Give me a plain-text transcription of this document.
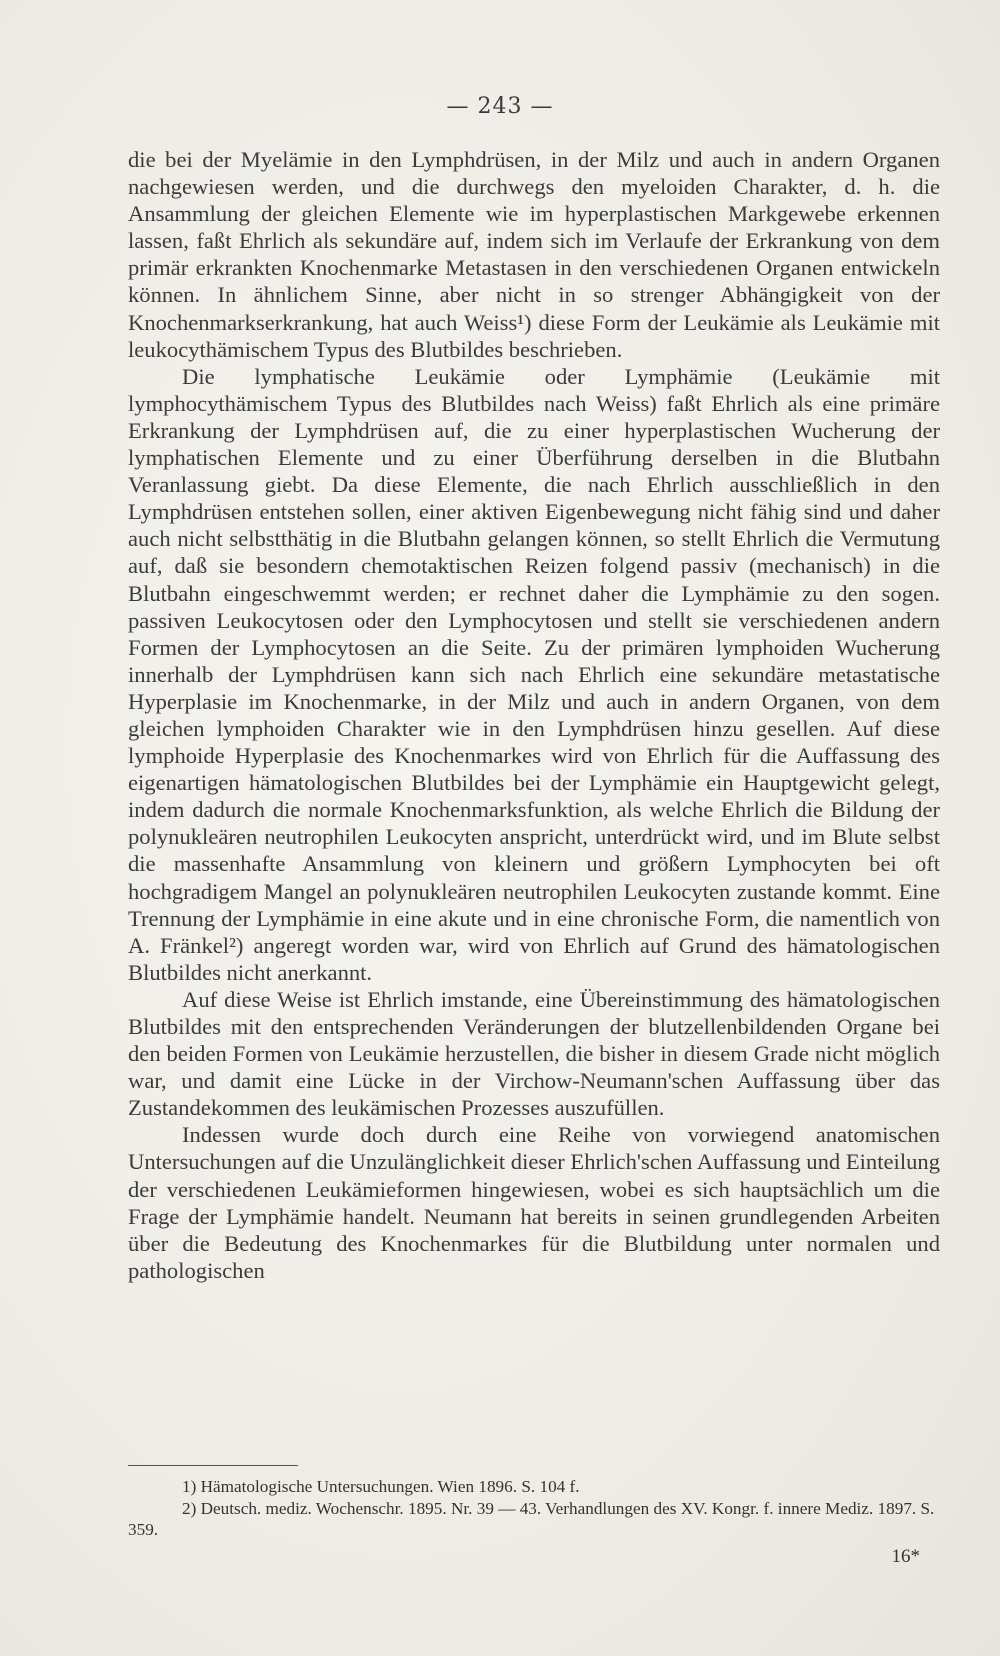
— 243 —

die bei der Myelämie in den Lymphdrüsen, in der Milz und auch in andern Organen nachgewiesen werden, und die durchwegs den myeloiden Charakter, d. h. die Ansammlung der gleichen Elemente wie im hyperplastischen Markgewebe erkennen lassen, faßt Ehrlich als sekundäre auf, indem sich im Verlaufe der Erkrankung von dem primär erkrankten Knochenmarke Metastasen in den verschiedenen Organen entwickeln können. In ähnlichem Sinne, aber nicht in so strenger Abhängigkeit von der Knochenmarkserkrankung, hat auch Weiss¹) diese Form der Leukämie als Leukämie mit leukocythämischem Typus des Blutbildes beschrieben.

Die lymphatische Leukämie oder Lymphämie (Leukämie mit lymphocythämischem Typus des Blutbildes nach Weiss) faßt Ehrlich als eine primäre Erkrankung der Lymphdrüsen auf, die zu einer hyperplastischen Wucherung der lymphatischen Elemente und zu einer Überführung derselben in die Blutbahn Veranlassung giebt. Da diese Elemente, die nach Ehrlich ausschließlich in den Lymphdrüsen entstehen sollen, einer aktiven Eigenbewegung nicht fähig sind und daher auch nicht selbstthätig in die Blutbahn gelangen können, so stellt Ehrlich die Vermutung auf, daß sie besondern chemotaktischen Reizen folgend passiv (mechanisch) in die Blutbahn eingeschwemmt werden; er rechnet daher die Lymphämie zu den sogen. passiven Leukocytosen oder den Lymphocytosen und stellt sie verschiedenen andern Formen der Lymphocytosen an die Seite. Zu der primären lymphoiden Wucherung innerhalb der Lymphdrüsen kann sich nach Ehrlich eine sekundäre metastatische Hyperplasie im Knochenmarke, in der Milz und auch in andern Organen, von dem gleichen lymphoiden Charakter wie in den Lymphdrüsen hinzu gesellen. Auf diese lymphoide Hyperplasie des Knochenmarkes wird von Ehrlich für die Auffassung des eigenartigen hämatologischen Blutbildes bei der Lymphämie ein Hauptgewicht gelegt, indem dadurch die normale Knochenmarksfunktion, als welche Ehrlich die Bildung der polynukleären neutrophilen Leukocyten anspricht, unterdrückt wird, und im Blute selbst die massenhafte Ansammlung von kleinern und größern Lymphocyten bei oft hochgradigem Mangel an polynukleären neutrophilen Leukocyten zustande kommt. Eine Trennung der Lymphämie in eine akute und in eine chronische Form, die namentlich von A. Fränkel²) angeregt worden war, wird von Ehrlich auf Grund des hämatologischen Blutbildes nicht anerkannt.

Auf diese Weise ist Ehrlich imstande, eine Übereinstimmung des hämatologischen Blutbildes mit den entsprechenden Veränderungen der blutzellenbildenden Organe bei den beiden Formen von Leukämie herzustellen, die bisher in diesem Grade nicht möglich war, und damit eine Lücke in der Virchow-Neumann'schen Auffassung über das Zustandekommen des leukämischen Prozesses auszufüllen.

Indessen wurde doch durch eine Reihe von vorwiegend anatomischen Untersuchungen auf die Unzulänglichkeit dieser Ehrlich'schen Auffassung und Einteilung der verschiedenen Leukämieformen hingewiesen, wobei es sich hauptsächlich um die Frage der Lymphämie handelt. Neumann hat bereits in seinen grundlegenden Arbeiten über die Bedeutung des Knochenmarkes für die Blutbildung unter normalen und pathologischen

1) Hämatologische Untersuchungen. Wien 1896. S. 104 f.

2) Deutsch. mediz. Wochenschr. 1895. Nr. 39 — 43. Verhandlungen des XV. Kongr. f. innere Mediz. 1897. S. 359.

16*
